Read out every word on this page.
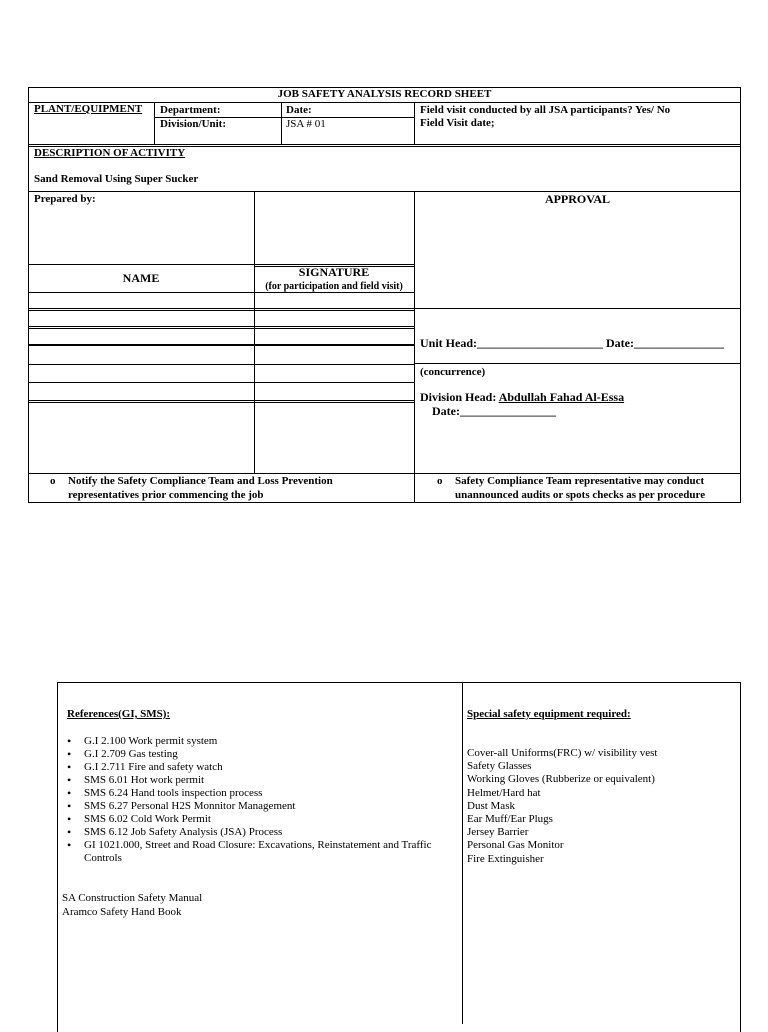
JOB SAFETY ANALYSIS RECORD SHEET
PLANT/EQUIPMENT Department:
Division/Unit:
Date:
JSA # 01
Field visit conducted by all JSA participants? Yes/ No
Field Visit date;
DESCRIPTION OF ACTIVITY
Sand Removal Using Super Sucker
Prepared by:	APPROVAL
NAME	SIGNATURE
(for participation and field visit)
Unit Head:_____________________ Date:_______________
(concurrence)
Division Head: Abdullah Fahad Al-Essa
Date:________________
o Notify the Safety Compliance Team and Loss Prevention
representatives prior commencing the job
o Safety Compliance Team representative may conduct
unannounced audits or spots checks as per procedure
References(GI, SMS):
• G.I 2.100 Work permit system
• G.I 2.709 Gas testing
• G.I 2.711 Fire and safety watch
• SMS 6.01 Hot work permit
• SMS 6.24 Hand tools inspection process
• SMS 6.27 Personal H2S Monnitor Management
• SMS 6.02 Cold Work Permit
• SMS 6.12 Job Safety Analysis (JSA) Process
• GI 1021.000, Street and Road Closure: Excavations, Reinstatement and Traffic Controls
SA Construction Safety Manual
Aramco Safety Hand Book
Special safety equipment required:
Cover-all Uniforms(FRC) w/ visibility vest
Safety Glasses
Working Gloves (Rubberize or equivalent)
Helmet/Hard hat
Dust Mask
Ear Muff/Ear Plugs
Jersey Barrier
Personal Gas Monitor
Fire Extinguisher
